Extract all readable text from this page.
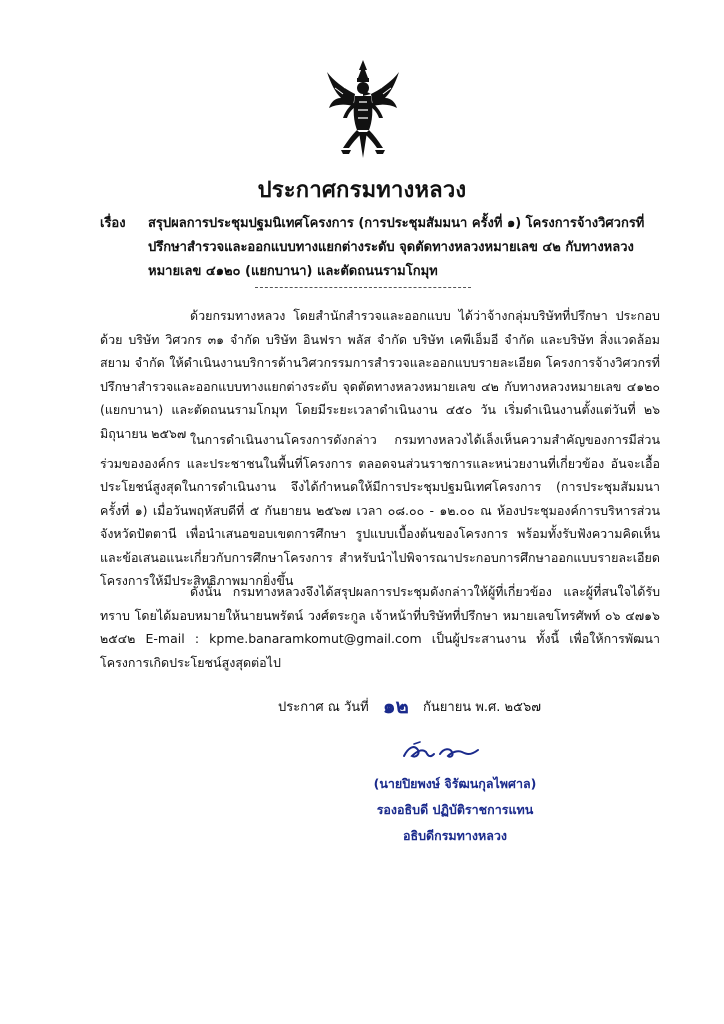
ประกาศกรมทางหลวง
เรื่อง สรุปผลการประชุมปฐมนิเทศโครงการ (การประชุมสัมมนา ครั้งที่ ๑) โครงการจ้างวิศวกรที่ปรึกษาสำรวจและออกแบบทางแยกต่างระดับ จุดตัดทางหลวงหมายเลข ๔๒ กับทางหลวงหมายเลข ๔๑๒๐ (แยกบานา) และตัดถนนรามโกมุท
ด้วยกรมทางหลวง โดยสำนักสำรวจและออกแบบ ได้ว่าจ้างกลุ่มบริษัทที่ปรึกษา ประกอบด้วย บริษัท วิศวกร ๓๑ จำกัด บริษัท อินฟรา พลัส จำกัด บริษัท เคพีเอ็มอี จำกัด และบริษัท สิ่งแวดล้อมสยาม จำกัด ให้ดำเนินงานบริการด้านวิศวกรรมการสำรวจและออกแบบรายละเอียด โครงการจ้างวิศวกรที่ปรึกษาสำรวจและออกแบบทางแยกต่างระดับ จุดตัดทางหลวงหมายเลข ๔๒ กับทางหลวงหมายเลข ๔๑๒๐ (แยกบานา) และตัดถนนรามโกมุท โดยมีระยะเวลาดำเนินงาน ๔๕๐ วัน เริ่มดำเนินงานตั้งแต่วันที่ ๒๖ มิถุนายน ๒๕๖๗ ในการดำเนินงานโครงการดังกล่าว กรมทางหลวงได้เล็งเห็นความสำคัญของการมีส่วนร่วมขององค์กร และประชาชนในพื้นที่โครงการ ตลอดจนส่วนราชการและหน่วยงานที่เกี่ยวข้อง อันจะเอื้อประโยชน์สูงสุดในการดำเนินงาน จึงได้กำหนดให้มีการประชุมปฐมนิเทศโครงการ (การประชุมสัมมนา ครั้งที่ ๑) เมื่อวันพฤหัสบดีที่ ๕ กันยายน ๒๕๖๗ เวลา ๐๘.๐๐ - ๑๒.๐๐ ณ ห้องประชุมองค์การบริหารส่วนจังหวัดปัตตานี เพื่อนำเสนอขอบเขตการศึกษา รูปแบบเบื้องต้นของโครงการ พร้อมทั้งรับฟังความคิดเห็นและข้อเสนอแนะเกี่ยวกับการศึกษาโครงการ สำหรับนำไปพิจารณาประกอบการศึกษาออกแบบรายละเอียดโครงการให้มีประสิทธิภาพมากยิ่งขึ้น
ดังนั้น กรมทางหลวงจึงได้สรุปผลการประชุมดังกล่าวให้ผู้ที่เกี่ยวข้อง และผู้ที่สนใจได้รับทราบ โดยได้มอบหมายให้นายนพรัตน์ วงศ์ตระกูล เจ้าหน้าที่บริษัทที่ปรึกษา หมายเลขโทรศัพท์ ๐๖ ๔๗๑๖ ๒๕๔๒ E-mail : kpme.banaramkomut@gmail.com เป็นผู้ประสานงาน ทั้งนี้ เพื่อให้การพัฒนาโครงการเกิดประโยชน์สูงสุดต่อไป
ประกาศ ณ วันที่ ๑๒ กันยายน พ.ศ. ๒๕๖๗
(นายปิยพงษ์ จิรัฒนกุลไพศาล)
รองอธิบดี ปฏิบัติราชการแทน
อธิบดีกรมทางหลวง
